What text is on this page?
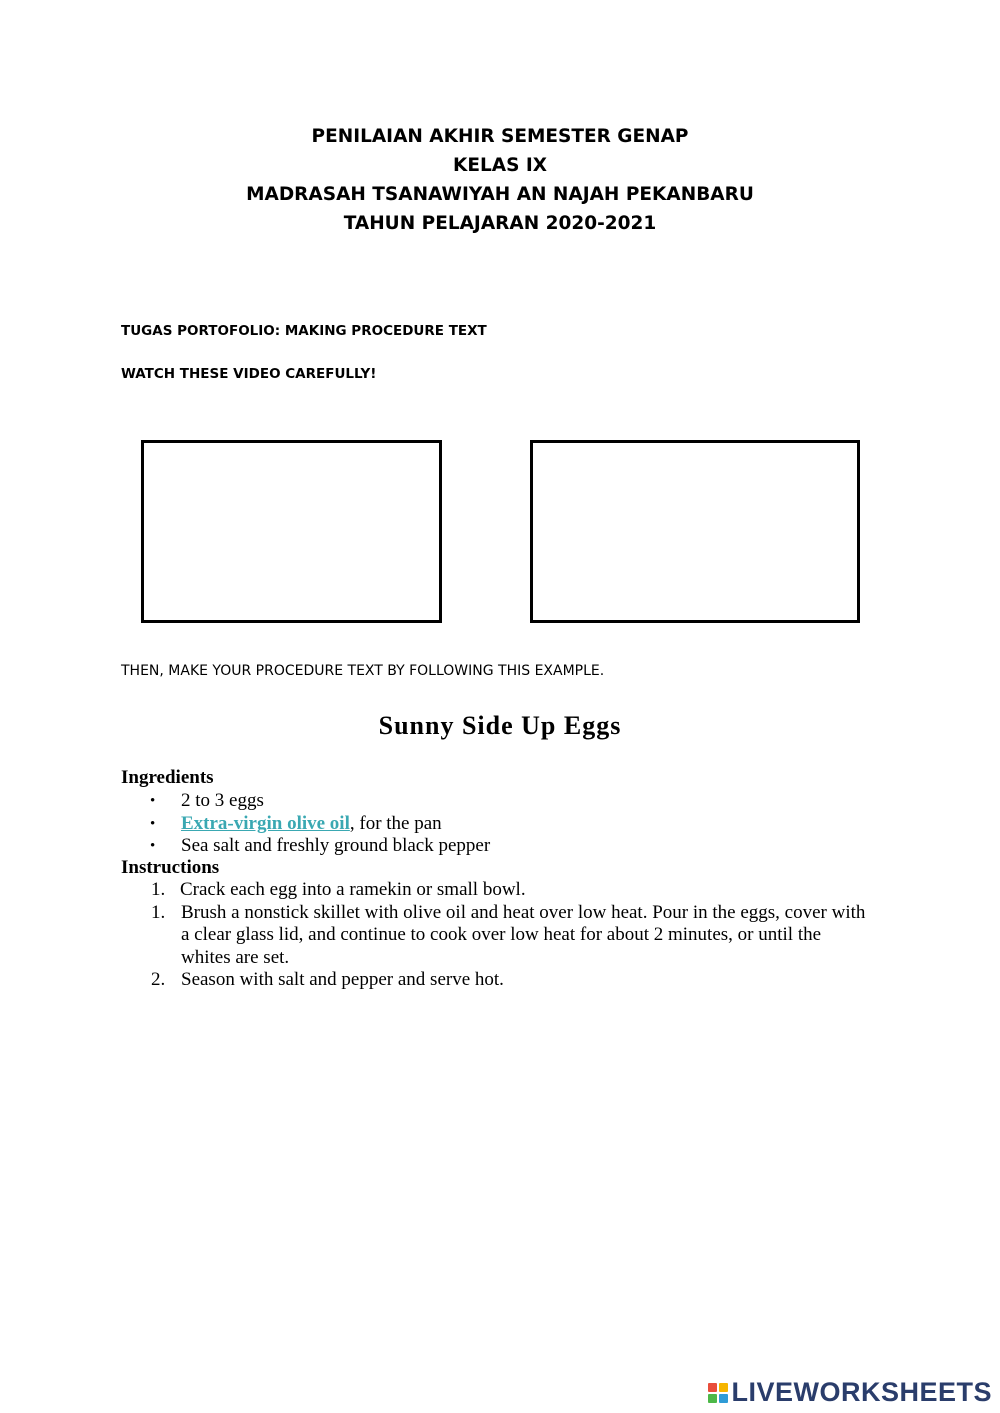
PENILAIAN AKHIR SEMESTER GENAP
KELAS IX
MADRASAH TSANAWIYAH AN NAJAH PEKANBARU
TAHUN PELAJARAN 2020-2021
TUGAS PORTOFOLIO: MAKING PROCEDURE TEXT
WATCH THESE VIDEO CAREFULLY!
THEN, MAKE YOUR PROCEDURE TEXT BY FOLLOWING THIS EXAMPLE.
Sunny Side Up Eggs
Ingredients
• 2 to 3 eggs
• Extra-virgin olive oil, for the pan
• Sea salt and freshly ground black pepper
Instructions
1. Crack each egg into a ramekin or small bowl.
1. Brush a nonstick skillet with olive oil and heat over low heat. Pour in the eggs, cover with a clear glass lid, and continue to cook over low heat for about 2 minutes, or until the whites are set.
2. Season with salt and pepper and serve hot.
LIVEWORKSHEETS
